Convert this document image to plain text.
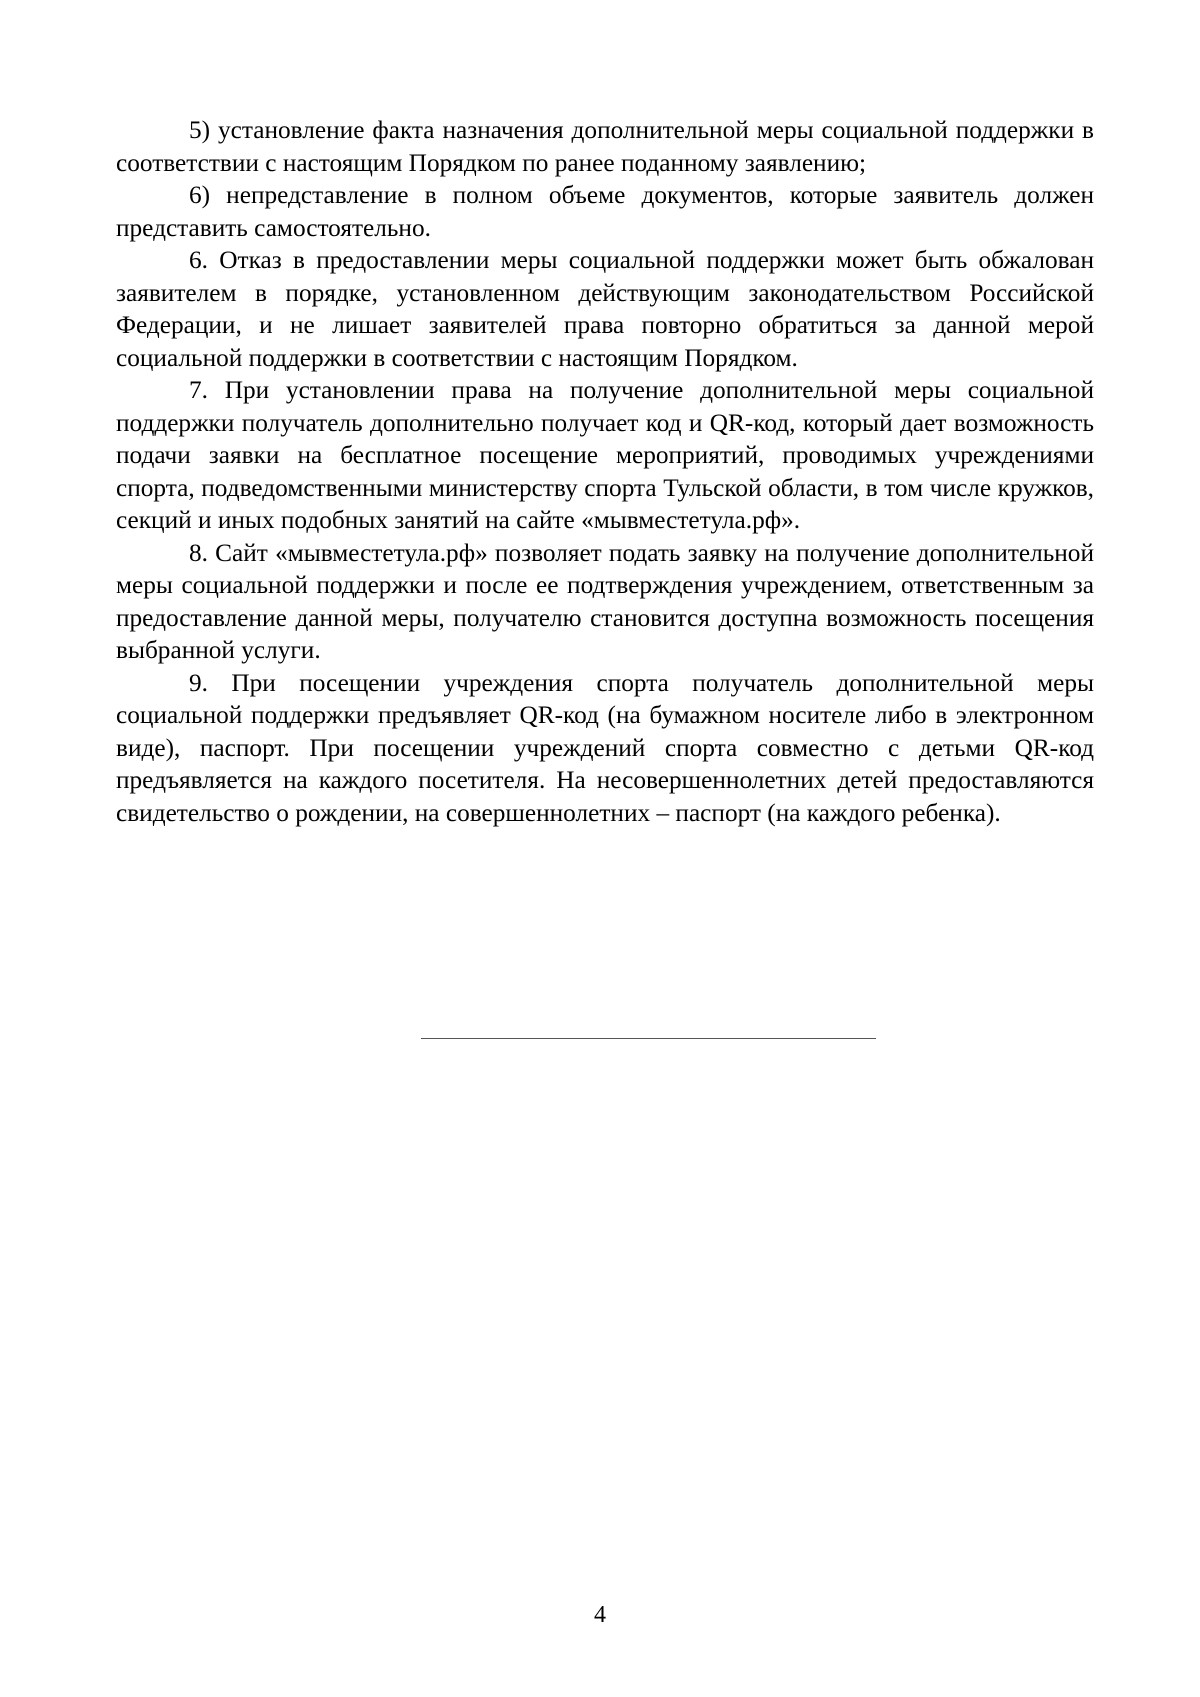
5) установление факта назначения дополнительной меры социальной поддержки в соответствии с настоящим Порядком по ранее поданному заявлению;

6) непредставление в полном объеме документов, которые заявитель должен представить самостоятельно.

6. Отказ в предоставлении меры социальной поддержки может быть обжалован заявителем в порядке, установленном действующим законодательством Российской Федерации, и не лишает заявителей права повторно обратиться за данной мерой социальной поддержки в соответствии с настоящим Порядком.

7. При установлении права на получение дополнительной меры социальной поддержки получатель дополнительно получает код и QR-код, который дает возможность подачи заявки на бесплатное посещение мероприятий, проводимых учреждениями спорта, подведомственными министерству спорта Тульской области, в том числе кружков, секций и иных подобных занятий на сайте «мывместетула.рф».

8. Сайт «мывместетула.рф» позволяет подать заявку на получение дополнительной меры социальной поддержки и после ее подтверждения учреждением, ответственным за предоставление данной меры, получателю становится доступна возможность посещения выбранной услуги.

9. При посещении учреждения спорта получатель дополнительной меры социальной поддержки предъявляет QR-код (на бумажном носителе либо в электронном виде), паспорт. При посещении учреждений спорта совместно с детьми QR-код предъявляется на каждого посетителя. На несовершеннолетних детей предоставляются свидетельство о рождении, на совершеннолетних – паспорт (на каждого ребенка).

4
